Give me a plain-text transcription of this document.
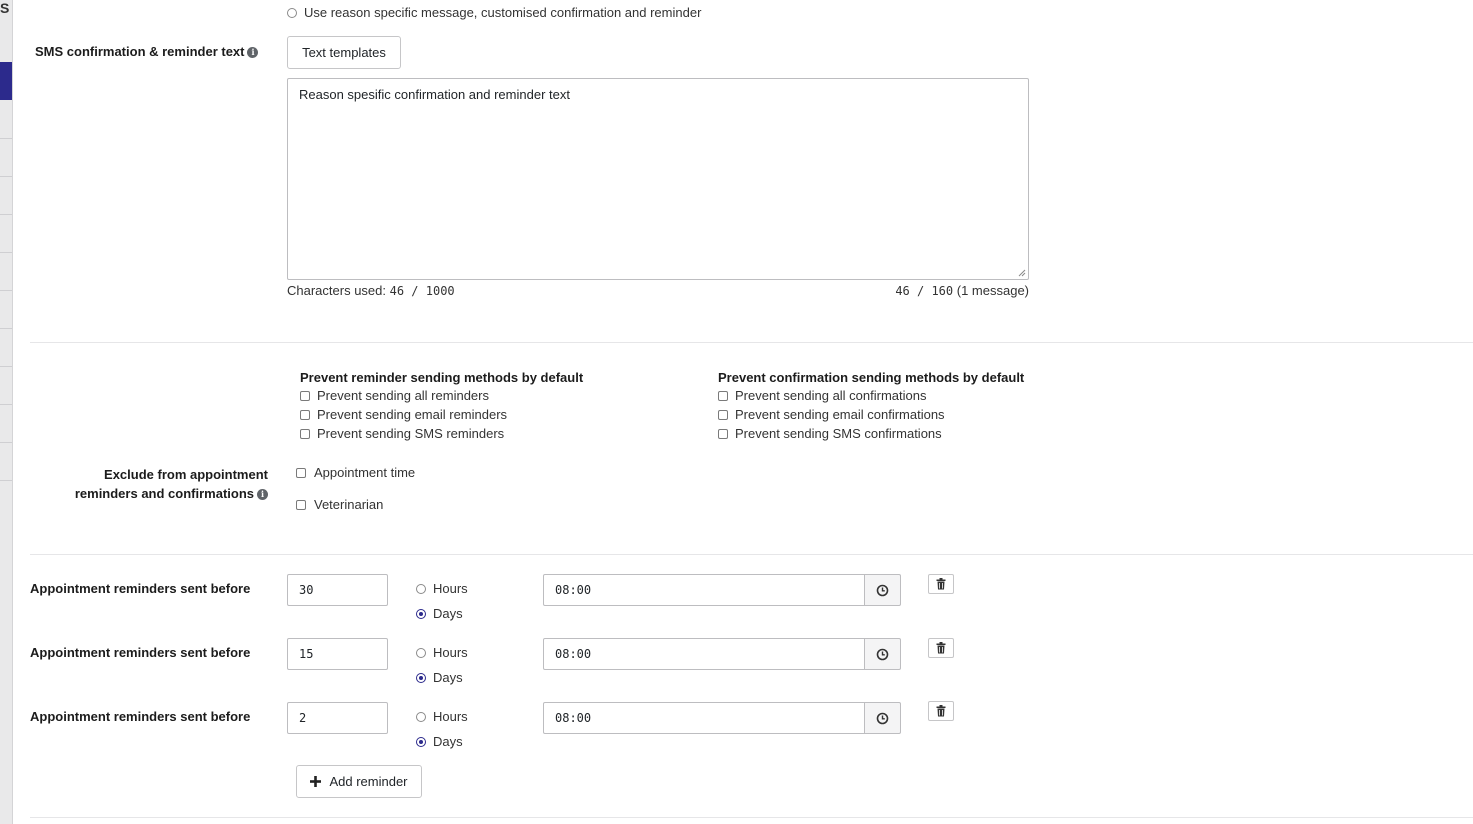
S	Use reason specific message, customised confirmation and reminder
SMS confirmation & reminder text i	Text templates
Reason spesific confirmation and reminder text
Characters used: 46 / 1000	46 / 160 (1 message)
Prevent reminder sending methods by default
Prevent sending all reminders
Prevent sending email reminders
Prevent sending SMS reminders
Prevent confirmation sending methods by default
Prevent sending all confirmations
Prevent sending email confirmations
Prevent sending SMS confirmations
Exclude from appointment
reminders and confirmations i
Appointment time
Veterinarian
Appointment reminders sent before	30	Hours
Days
08:00
Appointment reminders sent before	15	Hours
Days
08:00
Appointment reminders sent before	2	Hours
Days
08:00
Add reminder
